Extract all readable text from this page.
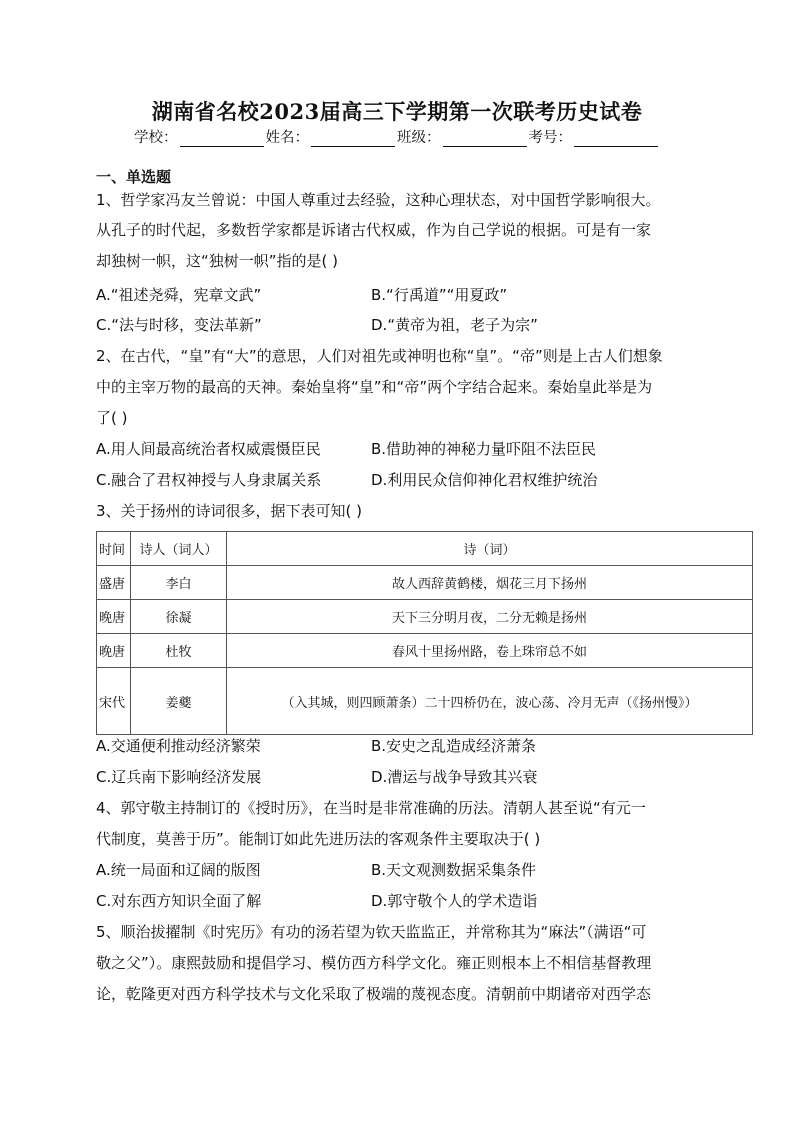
湖南省名校2023届高三下学期第一次联考历史试卷
学校：	姓名：	班级：	考号：
一、单选题
1、哲学家冯友兰曾说：中国人尊重过去经验，这种心理状态，对中国哲学影响很大。
从孔子的时代起，多数哲学家都是诉诸古代权威，作为自己学说的根据。可是有一家
却独树一帜，这“独树一帜”指的是( )
A.“祖述尧舜，宪章文武”	B.“行禹道”“用夏政”
C.“法与时移，变法革新”	D.“黄帝为祖，老子为宗”
2、在古代，“皇”有“大”的意思，人们对祖先或神明也称“皇”。“帝”则是上古人们想象
中的主宰万物的最高的天神。秦始皇将“皇”和“帝”两个字结合起来。秦始皇此举是为
了( )
A.用人间最高统治者权威震慑臣民	B.借助神的神秘力量吓阻不法臣民
C.融合了君权神授与人身隶属关系	D.利用民众信仰神化君权维护统治
3、关于扬州的诗词很多，据下表可知( )
时间	诗人（词人）	诗（词）
盛唐	李白	故人西辞黄鹤楼，烟花三月下扬州
晚唐	徐凝	天下三分明月夜，二分无赖是扬州
晚唐	杜牧	春风十里扬州路，卷上珠帘总不如
宋代	姜夔	（入其城，则四顾萧条）二十四桥仍在，波心荡、冷月无声（《扬州慢》）
A.交通便利推动经济繁荣	B.安史之乱造成经济萧条
C.辽兵南下影响经济发展	D.漕运与战争导致其兴衰
4、郭守敬主持制订的《授时历》，在当时是非常准确的历法。清朝人甚至说“有元一
代制度，莫善于历”。能制订如此先进历法的客观条件主要取决于( )
A.统一局面和辽阔的版图	B.天文观测数据采集条件
C.对东西方知识全面了解	D.郭守敬个人的学术造诣
5、顺治拔擢制《时宪历》有功的汤若望为钦天监监正，并常称其为“麻法”（满语“可
敬之父”）。康熙鼓励和提倡学习、模仿西方科学文化。雍正则根本上不相信基督教理
论，乾隆更对西方科学技术与文化采取了极端的蔑视态度。清朝前中期诸帝对西学态
